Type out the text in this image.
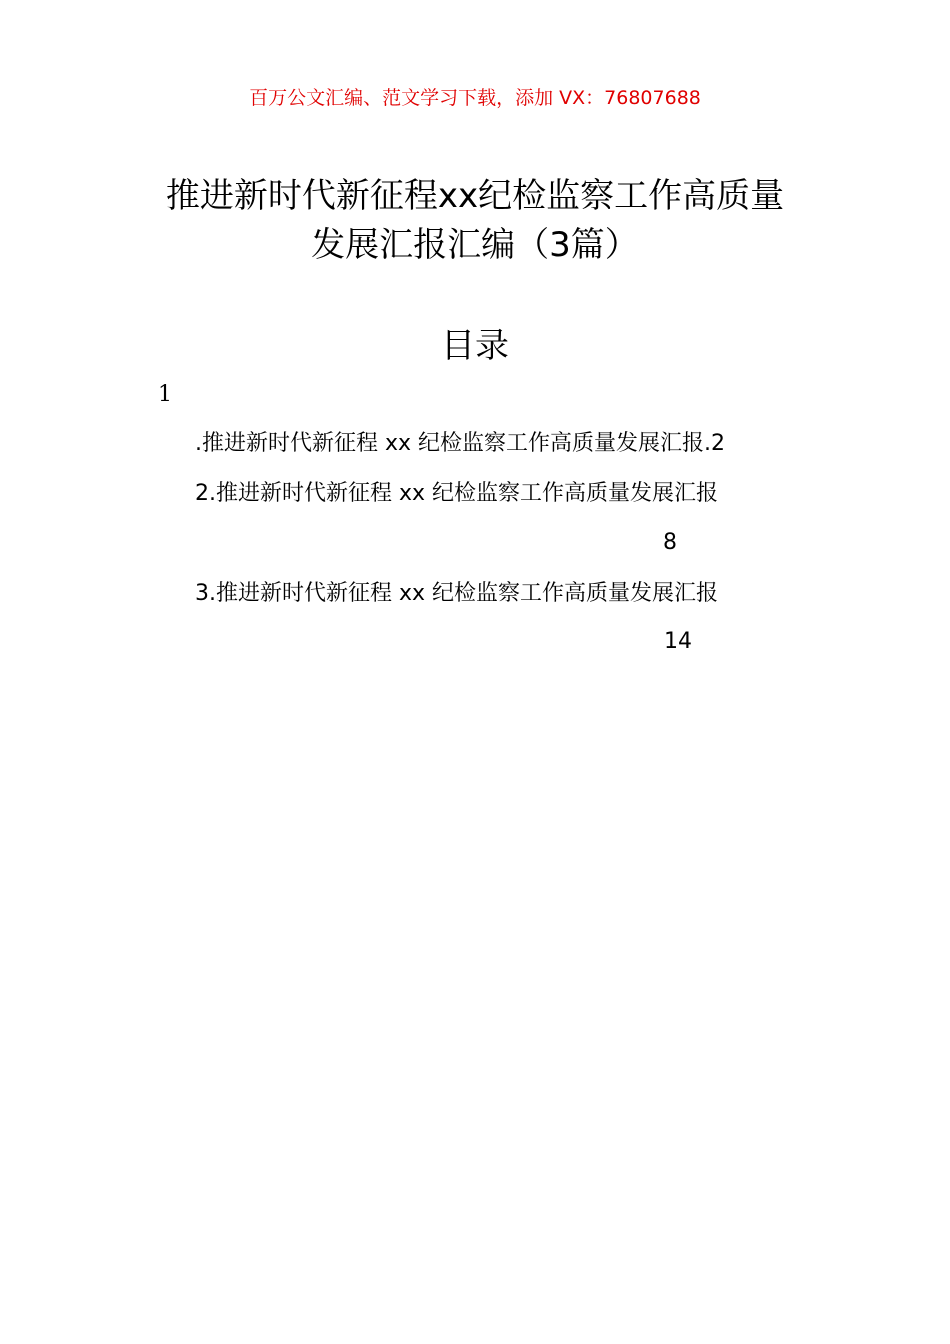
百万公文汇编、范文学习下载，添加 VX：76807688
推进新时代新征程xx纪检监察工作高质量
发展汇报汇编（3篇）
目录
1
.推进新时代新征程 xx 纪检监察工作高质量发展汇报.2
2.推进新时代新征程 xx 纪检监察工作高质量发展汇报
8
3.推进新时代新征程 xx 纪检监察工作高质量发展汇报
14
